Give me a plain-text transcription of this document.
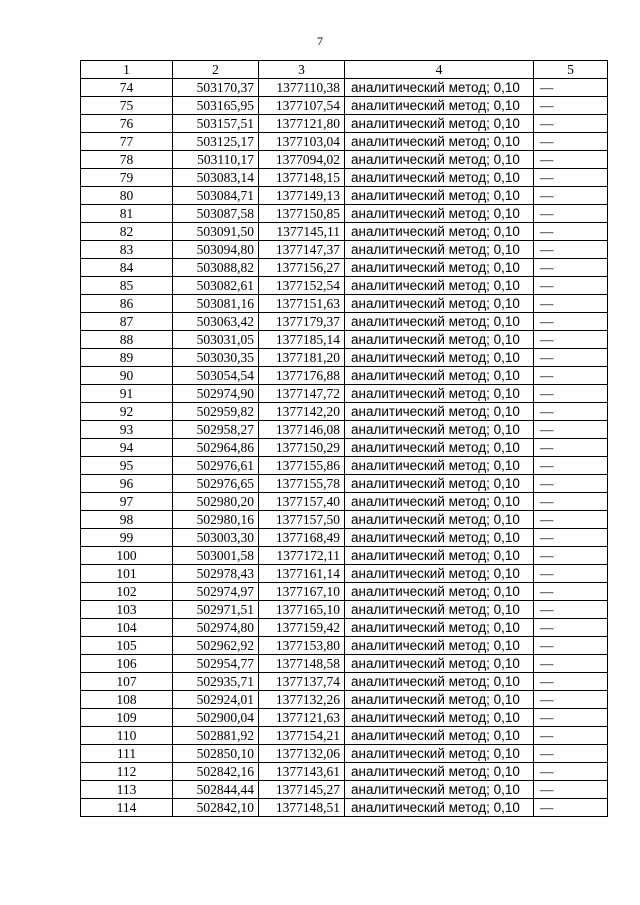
7
1	2	3	4	5
74	503170,37	1377110,38	аналитический метод; 0,10	—
75	503165,95	1377107,54	аналитический метод; 0,10	—
76	503157,51	1377121,80	аналитический метод; 0,10	—
77	503125,17	1377103,04	аналитический метод; 0,10	—
78	503110,17	1377094,02	аналитический метод; 0,10	—
79	503083,14	1377148,15	аналитический метод; 0,10	—
80	503084,71	1377149,13	аналитический метод; 0,10	—
81	503087,58	1377150,85	аналитический метод; 0,10	—
82	503091,50	1377145,11	аналитический метод; 0,10	—
83	503094,80	1377147,37	аналитический метод; 0,10	—
84	503088,82	1377156,27	аналитический метод; 0,10	—
85	503082,61	1377152,54	аналитический метод; 0,10	—
86	503081,16	1377151,63	аналитический метод; 0,10	—
87	503063,42	1377179,37	аналитический метод; 0,10	—
88	503031,05	1377185,14	аналитический метод; 0,10	—
89	503030,35	1377181,20	аналитический метод; 0,10	—
90	503054,54	1377176,88	аналитический метод; 0,10	—
91	502974,90	1377147,72	аналитический метод; 0,10	—
92	502959,82	1377142,20	аналитический метод; 0,10	—
93	502958,27	1377146,08	аналитический метод; 0,10	—
94	502964,86	1377150,29	аналитический метод; 0,10	—
95	502976,61	1377155,86	аналитический метод; 0,10	—
96	502976,65	1377155,78	аналитический метод; 0,10	—
97	502980,20	1377157,40	аналитический метод; 0,10	—
98	502980,16	1377157,50	аналитический метод; 0,10	—
99	503003,30	1377168,49	аналитический метод; 0,10	—
100	503001,58	1377172,11	аналитический метод; 0,10	—
101	502978,43	1377161,14	аналитический метод; 0,10	—
102	502974,97	1377167,10	аналитический метод; 0,10	—
103	502971,51	1377165,10	аналитический метод; 0,10	—
104	502974,80	1377159,42	аналитический метод; 0,10	—
105	502962,92	1377153,80	аналитический метод; 0,10	—
106	502954,77	1377148,58	аналитический метод; 0,10	—
107	502935,71	1377137,74	аналитический метод; 0,10	—
108	502924,01	1377132,26	аналитический метод; 0,10	—
109	502900,04	1377121,63	аналитический метод; 0,10	—
110	502881,92	1377154,21	аналитический метод; 0,10	—
111	502850,10	1377132,06	аналитический метод; 0,10	—
112	502842,16	1377143,61	аналитический метод; 0,10	—
113	502844,44	1377145,27	аналитический метод; 0,10	—
114	502842,10	1377148,51	аналитический метод; 0,10	—
